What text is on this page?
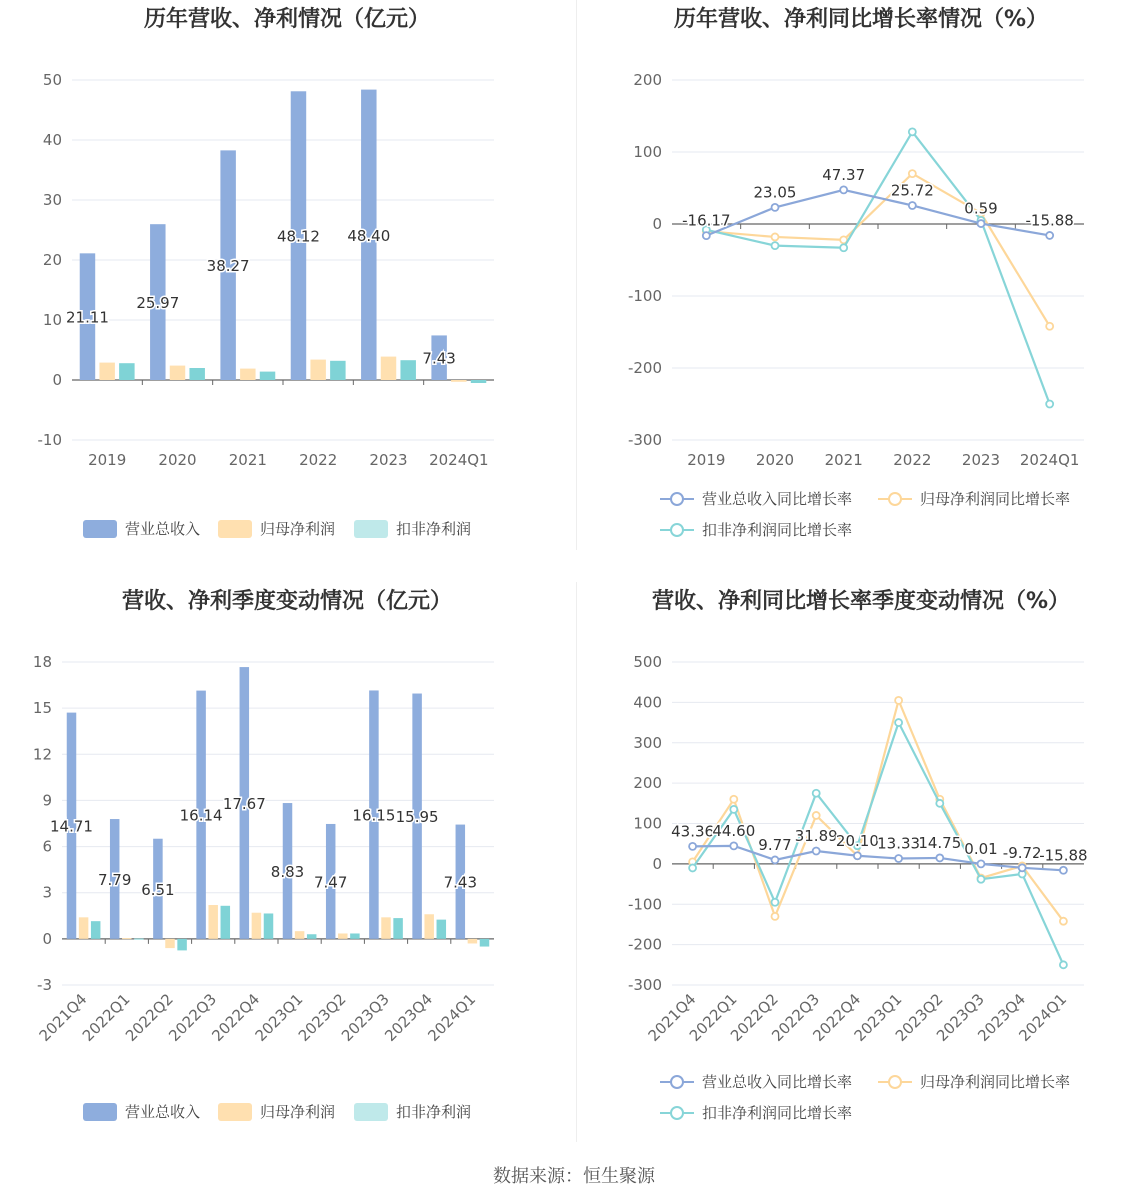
历年营收、净利情况（亿元）
-10
0
10
20
30
40
50
2019 2020 2021 2022 2023 2024Q1
21.11
25.97
38.27
48.12 48.40
7.43
营业总收入	归母净利润	扣非净利润
历年营收、净利同比增长率情况（%）
-300
-200
-100
0
100
200
2019 2020 2021 2022 2023 2024Q1
-16.17
23.05
47.37
25.72
0.59
-15.88
营业总收入同比增长率	归母净利润同比增长率
扣非净利润同比增长率
营收、净利季度变动情况（亿元）
-3
0
3
6
9
12
15
18
2021Q4
2022Q1
2022Q2
2022Q3
2022Q4
2023Q1
2023Q2
2023Q3
2023Q4
2024Q1
14.71
7.79
6.51
16.14
17.67
8.83
7.47
16.15 15.95
7.43
营业总收入	归母净利润	扣非净利润
营收、净利同比增长率季度变动情况（%）
-300
-200
-100
0
100
200
300
400
500
2021Q4
2022Q1
2022Q2
2022Q3
2022Q4
2023Q1
2023Q2
2023Q3
2023Q4
2024Q1
43.36
44.60
9.77 31.89
20.10
13.33
14.75 0.01 -9.72
-15.88
营业总收入同比增长率	归母净利润同比增长率
扣非净利润同比增长率
数据来源：恒生聚源
